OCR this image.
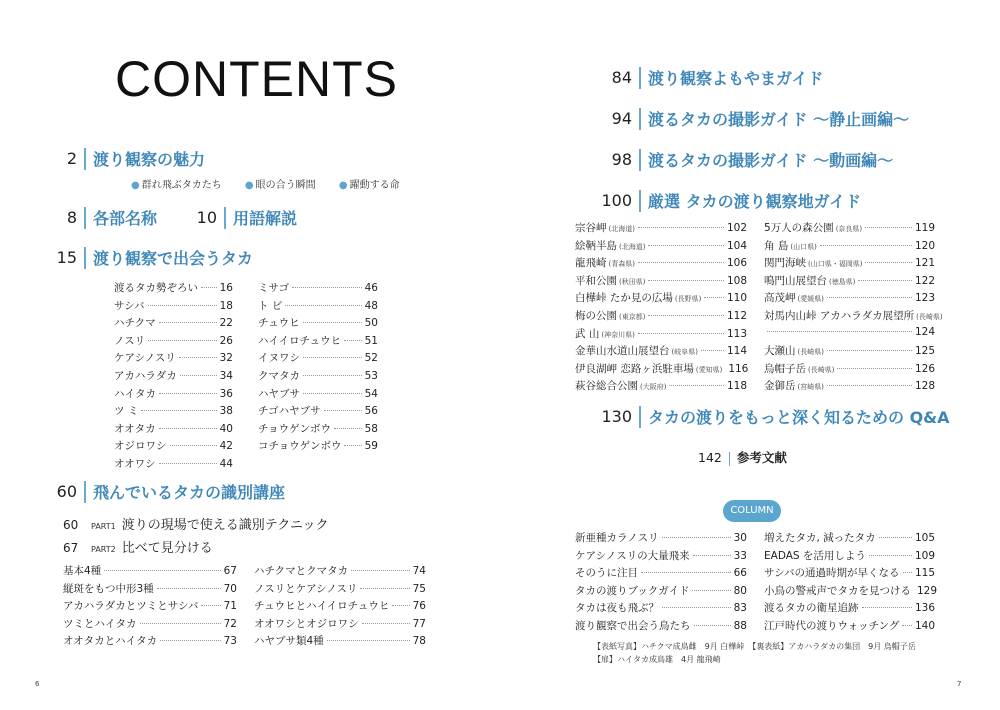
CONTENTS
2 渡り観察の魅力
● 群れ飛ぶタカたち ● 眼の合う瞬間 ● 躍動する命
8 各部名称 10 用語解説
15 渡り観察で出会うタカ
渡るタカ勢ぞろい 16
サシバ	18
ハチクマ	22
ノスリ	26
ケアシノスリ	32
アカハラダカ	34
ハイタカ	36
ツ ミ	38
オオタカ	40
オジロワシ	42
オオワシ	44
ミサゴ	46
ト ビ	48
チュウヒ	50
ハイイロチュウヒ 51
イヌワシ	52
クマタカ	53
ハヤブサ	54
チゴハヤブサ	56
チョウゲンボウ	58
コチョウゲンボウ 59
60 飛んでいるタカの識別講座
60	PART1 渡りの現場で使える識別テクニック
67	PART2 比べて見分ける
基本4種	67
縦斑をもつ中形3種	70
アカハラダカとツミとサシバ 71
ツミとハイタカ	72
オオタカとハイタカ	73
ハチクマとクマタカ	74
ノスリとケアシノスリ	75
チュウヒとハイイロチュウヒ 76
オオワシとオジロワシ	77
ハヤブサ類4種	78
6
84 渡り観察よもやまガイド
94 渡るタカの撮影ガイド ～静止画編～
98 渡るタカの撮影ガイド ～動画編～
100 厳選 タカの渡り観察地ガイド
宗谷岬 (北海道)	102
絵鞆半島 (北海道)	104
龍飛崎 (青森県)	106
平和公園 (秋田県)	108
白樺峠 たか見の広場 (長野県) 110
梅の公園 (東京都)	112
武 山 (神奈川県)	113
金華山水道山展望台 (岐阜県)	114
伊良湖岬 恋路ヶ浜駐車場 (愛知県) 116
萩谷総合公園 (大阪府)	118
5万人の森公園 (奈良県)	119
角 島 (山口県)	120
関門海峡 (山口県・福岡県)	121
鳴門山展望台 (徳島県)	122
高茂岬 (愛媛県)	123
対馬内山峠 アカハラダカ展望所 (長崎県)
124
大瀬山 (長崎県)	125
烏帽子岳 (長崎県)	126
金御岳 (宮崎県)	128
130 タカの渡りをもっと深く知るための Q&A
142 参考文献
COLUMN
新亜種カラノスリ	30
ケアシノスリの大量飛来	33
そのうに注目	66
タカの渡りブックガイド	80
タカは夜も飛ぶ？	83
渡り観察で出会う鳥たち	88
増えたタカ, 減ったタカ	105
EADAS を活用しよう	109
サシバの通過時期が早くなる 115
小鳥の警戒声でタカを見つける 129
渡るタカの衛星追跡	136
江戸時代の渡りウォッチング 140
【表紙写真】ハチクマ成鳥雌　9月 白樺峠　【裏表紙】アカハラダカの集団　9月 烏帽子岳
【扉】ハイタカ成鳥雄　4月 龍飛崎
7
